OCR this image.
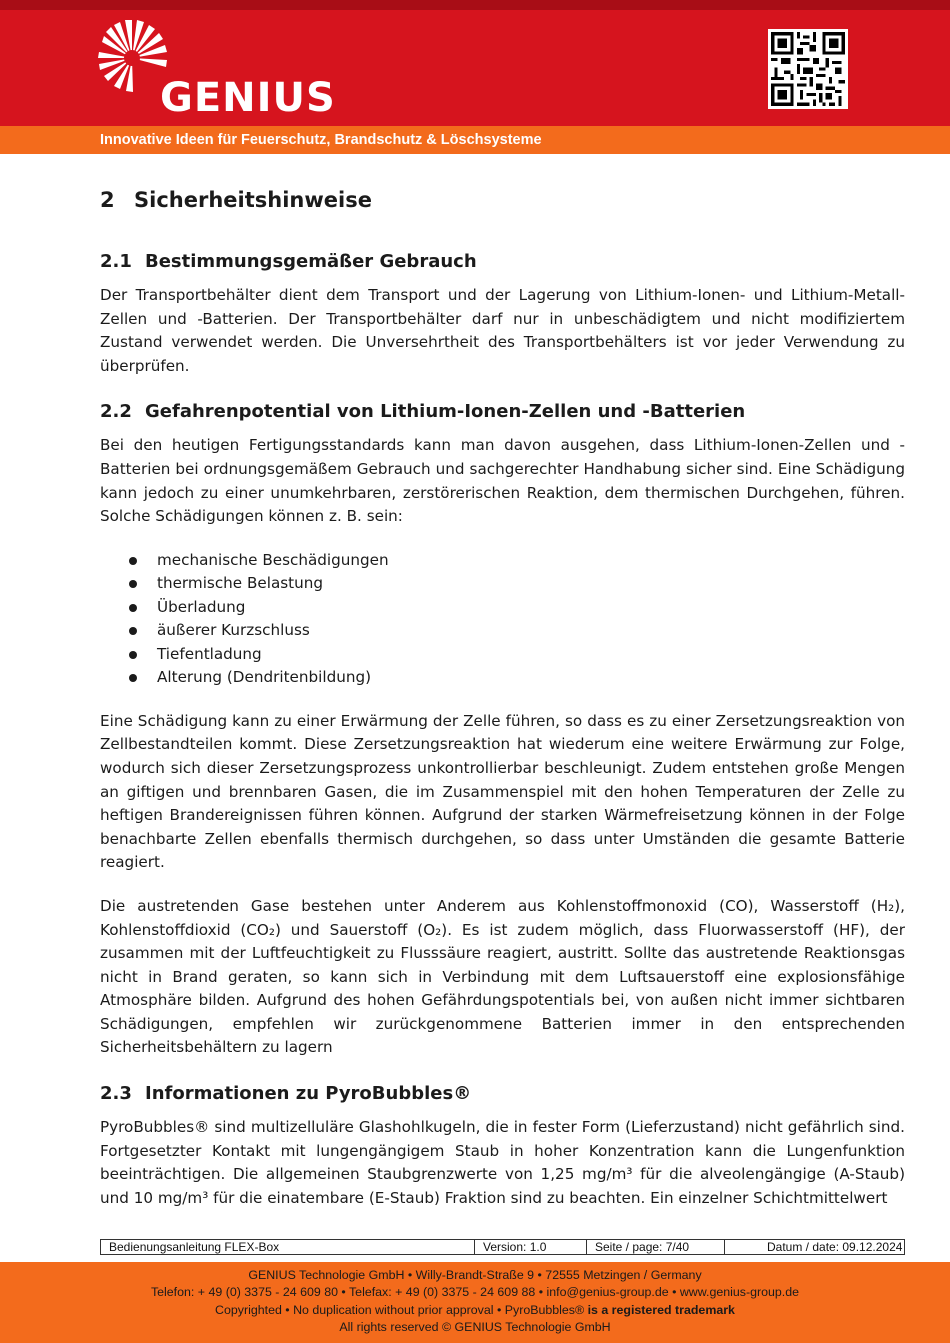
GENIUS
Innovative Ideen für Feuerschutz, Brandschutz & Löschsysteme
2 Sicherheitshinweise
2.1 Bestimmungsgemäßer Gebrauch

Der Transportbehälter dient dem Transport und der Lagerung von Lithium-Ionen- und Lithium-Metall-Zellen und -Batterien. Der Transportbehälter darf nur in unbeschädigtem und nicht modifiziertem Zustand verwendet werden. Die Unversehrtheit des Transportbehälters ist vor jeder Verwendung zu überprüfen.

2.2 Gefahrenpotential von Lithium-Ionen-Zellen und -Batterien

Bei den heutigen Fertigungsstandards kann man davon ausgehen, dass Lithium-Ionen-Zellen und -Batterien bei ordnungsgemäßem Gebrauch und sachgerechter Handhabung sicher sind. Eine Schädigung kann jedoch zu einer unumkehrbaren, zerstörerischen Reaktion, dem thermischen Durchgehen, führen. Solche Schädigungen können z. B. sein:

mechanische Beschädigungen
thermische Belastung
Überladung
äußerer Kurzschluss
Tiefentladung
Alterung (Dendritenbildung)

Eine Schädigung kann zu einer Erwärmung der Zelle führen, so dass es zu einer Zersetzungsreaktion von Zellbestandteilen kommt. Diese Zersetzungsreaktion hat wiederum eine weitere Erwärmung zur Folge, wodurch sich dieser Zersetzungsprozess unkontrollierbar beschleunigt. Zudem entstehen große Mengen an giftigen und brennbaren Gasen, die im Zusammenspiel mit den hohen Temperaturen der Zelle zu heftigen Brandereignissen führen können. Aufgrund der starken Wärmefreisetzung können in der Folge benachbarte Zellen ebenfalls thermisch durchgehen, so dass unter Umständen die gesamte Batterie reagiert.

Die austretenden Gase bestehen unter Anderem aus Kohlenstoffmonoxid (CO), Wasserstoff (H₂), Kohlenstoffdioxid (CO₂) und Sauerstoff (O₂). Es ist zudem möglich, dass Fluorwasserstoff (HF), der zusammen mit der Luftfeuchtigkeit zu Flusssäure reagiert, austritt. Sollte das austretende Reaktionsgas nicht in Brand geraten, so kann sich in Verbindung mit dem Luftsauerstoff eine explosionsfähige Atmosphäre bilden. Aufgrund des hohen Gefährdungspotentials bei, von außen nicht immer sichtbaren Schädigungen, empfehlen wir zurückgenommene Batterien immer in den entsprechenden Sicherheitsbehältern zu lagern

2.3 Informationen zu PyroBubbles®

PyroBubbles® sind multizelluläre Glashohlkugeln, die in fester Form (Lieferzustand) nicht gefährlich sind. Fortgesetzter Kontakt mit lungengängigem Staub in hoher Konzentration kann die Lungenfunktion beeinträchtigen. Die allgemeinen Staubgrenzwerte von 1,25 mg/m³ für die alveolengängige (A-Staub) und 10 mg/m³ für die einatembare (E-Staub) Fraktion sind zu beachten. Ein einzelner Schichtmittelwert

Bedienungsanleitung FLEX-Box	Version: 1.0	Seite / page: 7/40	Datum / date: 09.12.2024
GENIUS Technologie GmbH • Willy-Brandt-Straße 9 • 72555 Metzingen / Germany
Telefon: + 49 (0) 3375 - 24 609 80 • Telefax: + 49 (0) 3375 - 24 609 88 • info@genius-group.de • www.genius-group.de
Copyrighted • No duplication without prior approval • PyroBubbles® is a registered trademark
All rights reserved © GENIUS Technologie GmbH
